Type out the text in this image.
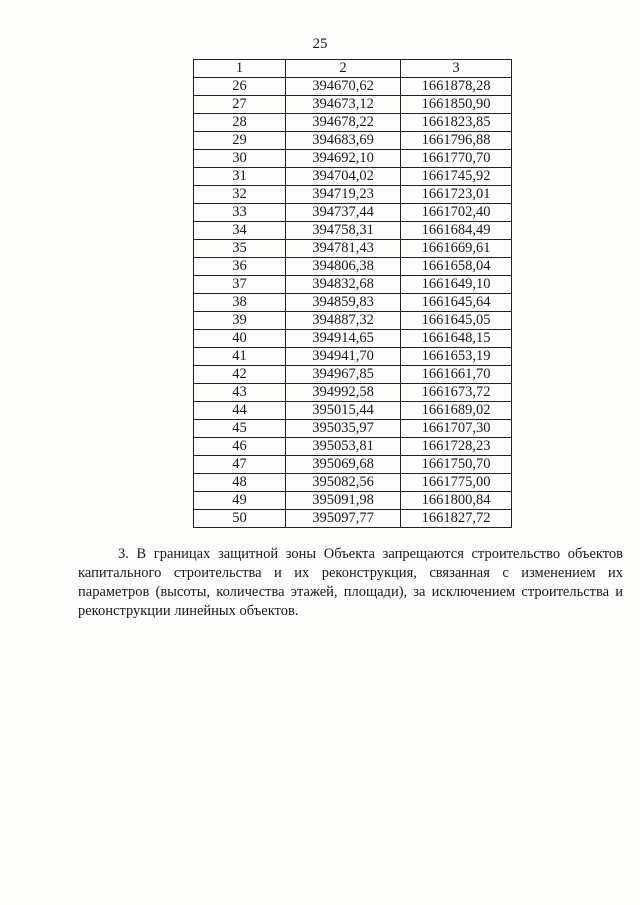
25
1	2	3
26	394670,62	1661878,28
27	394673,12	1661850,90
28	394678,22	1661823,85
29	394683,69	1661796,88
30	394692,10	1661770,70
31	394704,02	1661745,92
32	394719,23	1661723,01
33	394737,44	1661702,40
34	394758,31	1661684,49
35	394781,43	1661669,61
36	394806,38	1661658,04
37	394832,68	1661649,10
38	394859,83	1661645,64
39	394887,32	1661645,05
40	394914,65	1661648,15
41	394941,70	1661653,19
42	394967,85	1661661,70
43	394992,58	1661673,72
44	395015,44	1661689,02
45	395035,97	1661707,30
46	395053,81	1661728,23
47	395069,68	1661750,70
48	395082,56	1661775,00
49	395091,98	1661800,84
50	395097,77	1661827,72

3. В границах защитной зоны Объекта запрещаются строительство объектов капитального строительства и их реконструкция, связанная с изменением их параметров (высоты, количества этажей, площади), за исключением строительства и реконструкции линейных объектов.
